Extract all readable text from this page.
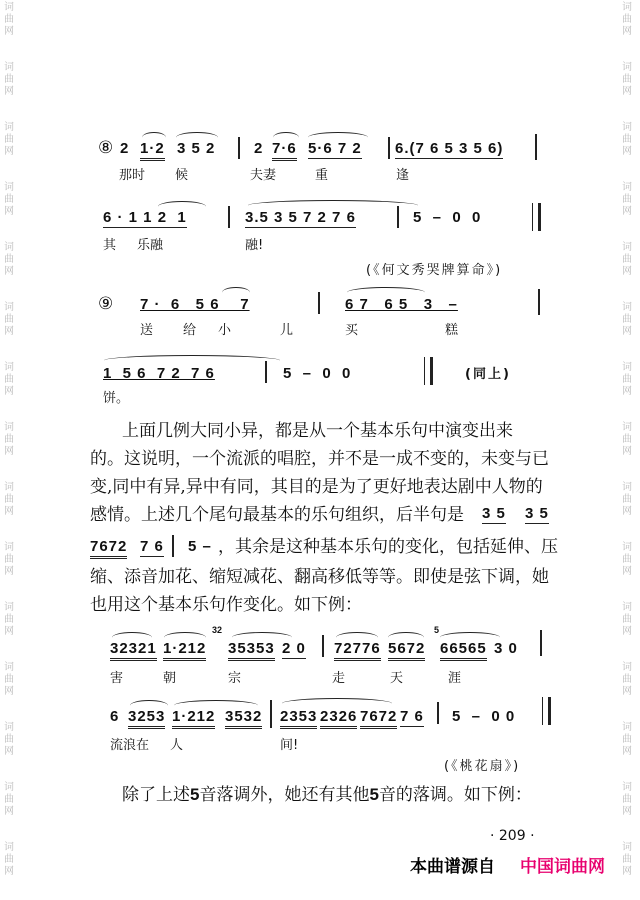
词
曲
网
词
曲
网
词
曲
网
词
曲
网
词
曲
网
词
曲
网
词
曲
网
词
曲
网
词
曲
网
词
曲
网
词
曲
网
词
曲
网
词
曲
网
词
曲
网
词
曲
网
词
曲
网
词
曲
网
词
曲
网
词
曲
网
词
曲
网
词
曲
网
词
曲
网
词
曲
网
词
曲
网
词
曲
网
词
曲
网
词
曲
网
词
曲
网
词
曲
网
词
曲
网
⑧ 2 1·2 3 5 2	2 7·6 5·6 7 2 6.(7 6 5 3 5 6)
那时 候	夫妻	重	逢
6 · 1 1 2  1	3.5 3 5 7 2 7 6	5  –  0  0
其 乐融	融!
(《何文秀哭牌算命》)
⑨ 7 ·  6   5 6    7	6 7   6 5   3   –
送 给 小	儿	买	糕
1  5 6  7 2  7 6	5  –  0  0	(同上)
饼。
上面几例大同小异，都是从一个基本乐句中演变出来
的。这说明，一个流派的唱腔，并不是一成不变的，未变与已
变,同中有异,异中有同，其目的是为了更好地表达剧中人物的
感情。上述几个尾句最基本的乐句组织，后半句是	3 5 3 5
7672 7 6 5 – ，其余是这种基本乐句的变化，包括延伸、压
缩、添音加花、缩短减花、翻高移低等等。即使是弦下调，她
也用这个基本乐句作变化。如下例：
32321 1·212
32
35353 2 0 72776 5672
5
66565 3 0
害	朝	宗	走	天	涯
6 3253 1·212 3532 2353 2326 7672 7 6 5  –  0 0
流浪在 人	间!
(《桃花扇》)
除了上述5音落调外，她还有其他5音的落调。如下例：
· 209 ·
本曲谱源自 中国词曲网
